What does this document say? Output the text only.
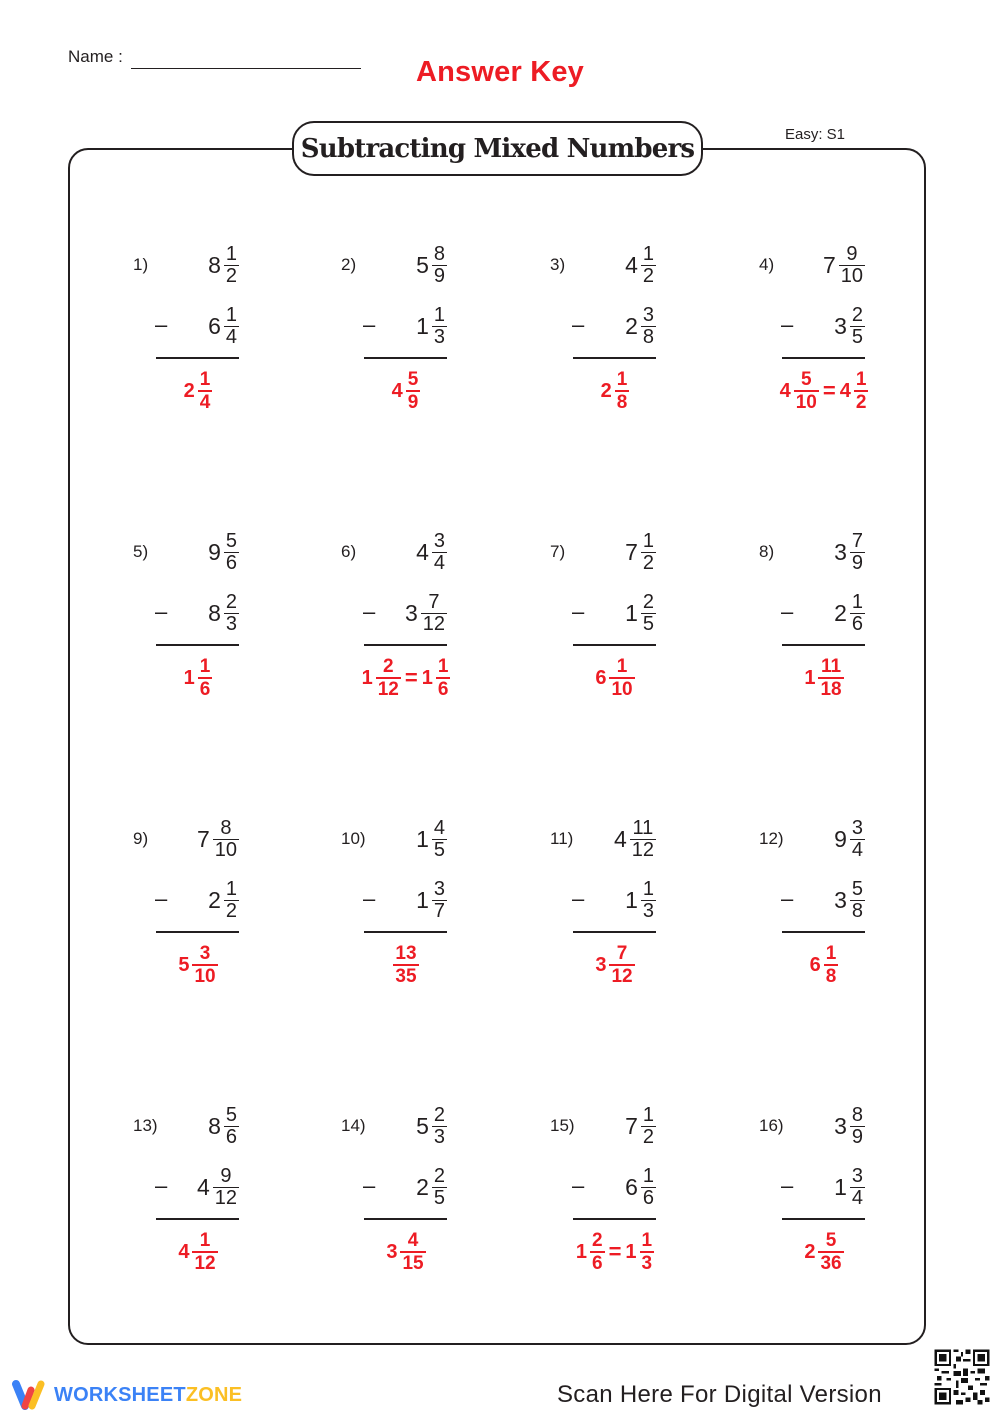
Name :	Answer Key
Subtracting Mixed Numbers	Easy: S1
1)	$8 \frac{1}{2}$
$6 \frac{1}{4}$
–
$2 \frac{1}{4}$
2)	$5 \frac{8}{9}$
$1 \frac{1}{3}$
–
$4 \frac{5}{9}$
3)	$4 \frac{1}{2}$
$2 \frac{3}{8}$
–
$2 \frac{1}{8}$
4) $7 \frac{9}{10}$
$3 \frac{2}{5}$
–
$4 \frac{5}{10} = 4 \frac{1}{2}$
5)	$9 \frac{5}{6}$
$8 \frac{2}{3}$
–
$1 \frac{1}{6}$
6)	$4 \frac{3}{4}$
$3 \frac{7}{12}$
–
$1 \frac{2}{12} = 1 \frac{1}{6}$
7)	$7 \frac{1}{2}$
$1 \frac{2}{5}$
–
$6 \frac{1}{10}$
8)	$3 \frac{7}{9}$
$2 \frac{1}{6}$
–
$1 \frac{11}{18}$
9) $7 \frac{8}{10}$
$2 \frac{1}{2}$
–
$5 \frac{3}{10}$
10) $1 \frac{4}{5}$
$1 \frac{3}{7}$
–
$\frac{13}{35}$
11) $4 \frac{11}{12}$
$1 \frac{1}{3}$
–
$3 \frac{7}{12}$
12) $9 \frac{3}{4}$
$3 \frac{5}{8}$
–
$6 \frac{1}{8}$
13) $8 \frac{5}{6}$
$4 \frac{9}{12}$
–
$4 \frac{1}{12}$
14) $5 \frac{2}{3}$
$2 \frac{2}{5}$
–
$3 \frac{4}{15}$
15) $7 \frac{1}{2}$
$6 \frac{1}{6}$
–
$1 \frac{2}{6} = 1 \frac{1}{3}$
16) $3 \frac{8}{9}$
$1 \frac{3}{4}$
–
$2 \frac{5}{36}$
WORKSHEETZONE	Scan Here For Digital Version
